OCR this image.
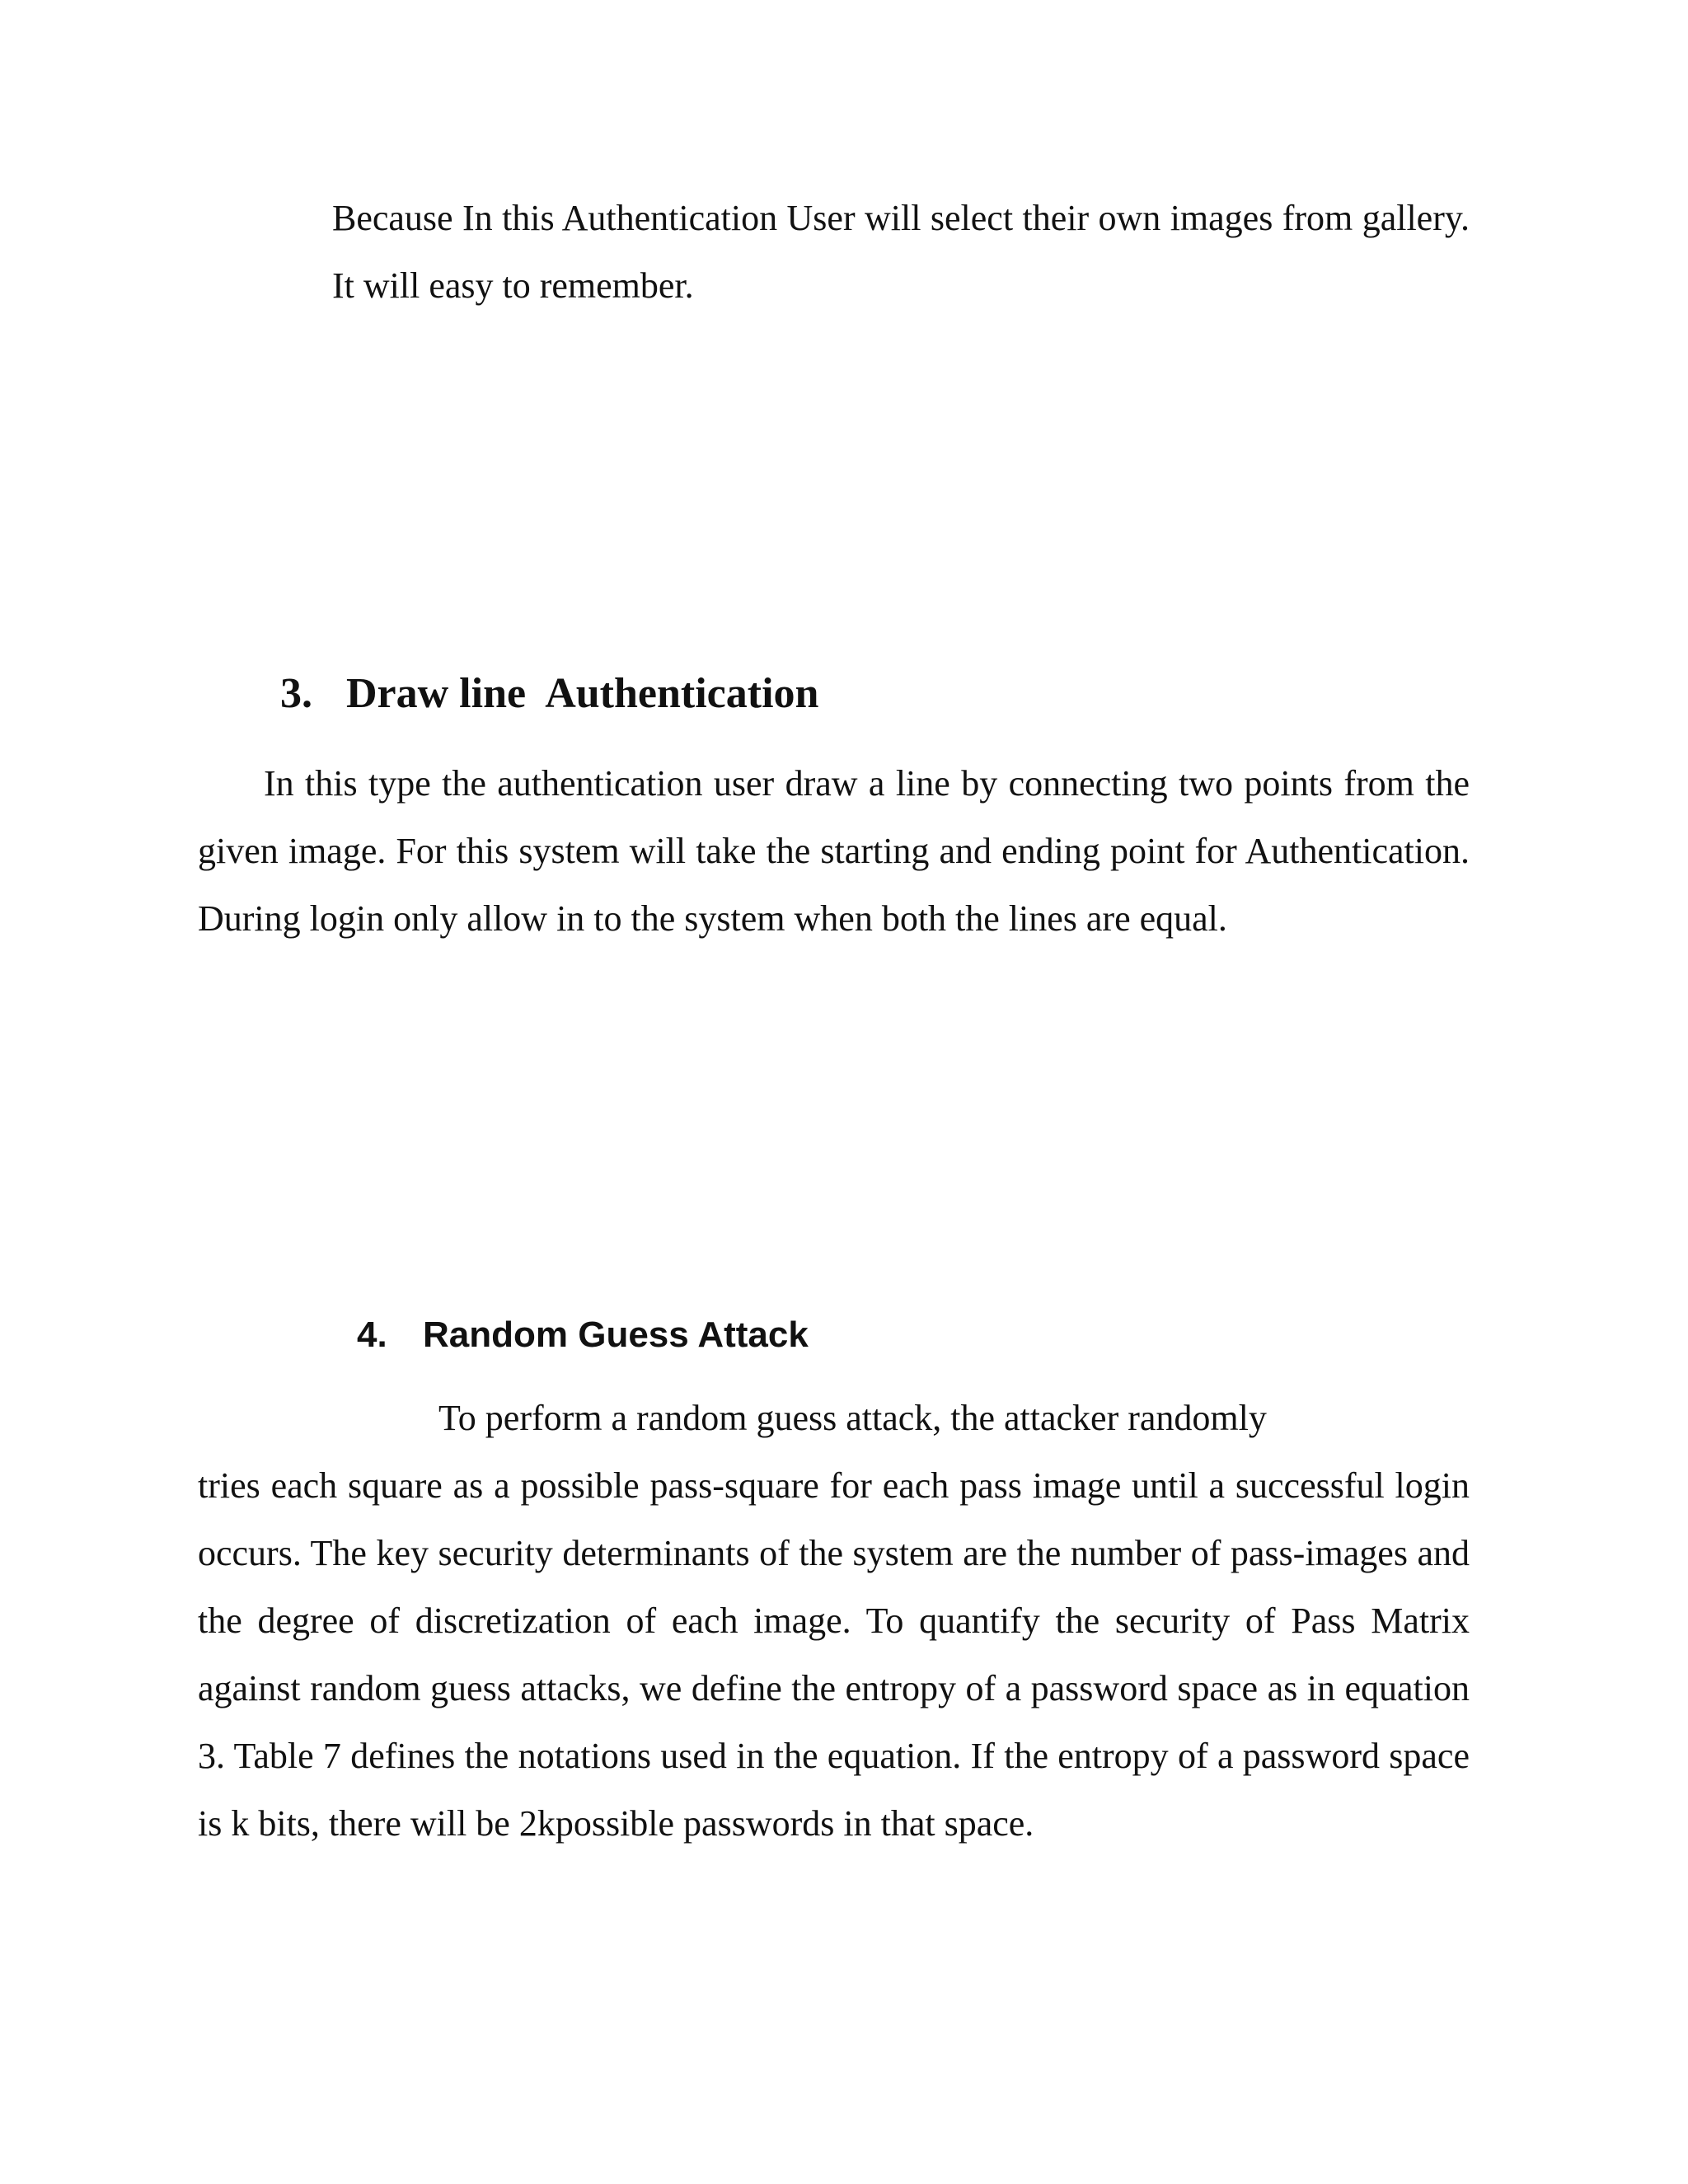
Because In this Authentication User will select their own images from gallery. It will easy to remember.

3. Draw line  Authentication

In this type the authentication user draw a line by connecting two points from the given image. For this system will take the starting and ending point for Authentication. During login only allow in to the system when both the lines are equal.

4. Random Guess Attack
To perform a random guess attack, the attacker randomly
tries each square as a possible pass-square for each pass image until a successful login occurs. The key security determinants of the system are the number of pass-images and the degree of discretization of each image. To quantify the security of Pass Matrix against random guess attacks, we define the entropy of a password space as in equation 3. Table 7 defines the notations used in the equation. If the entropy of a password space is k bits, there will be 2kpossible passwords in that space.
